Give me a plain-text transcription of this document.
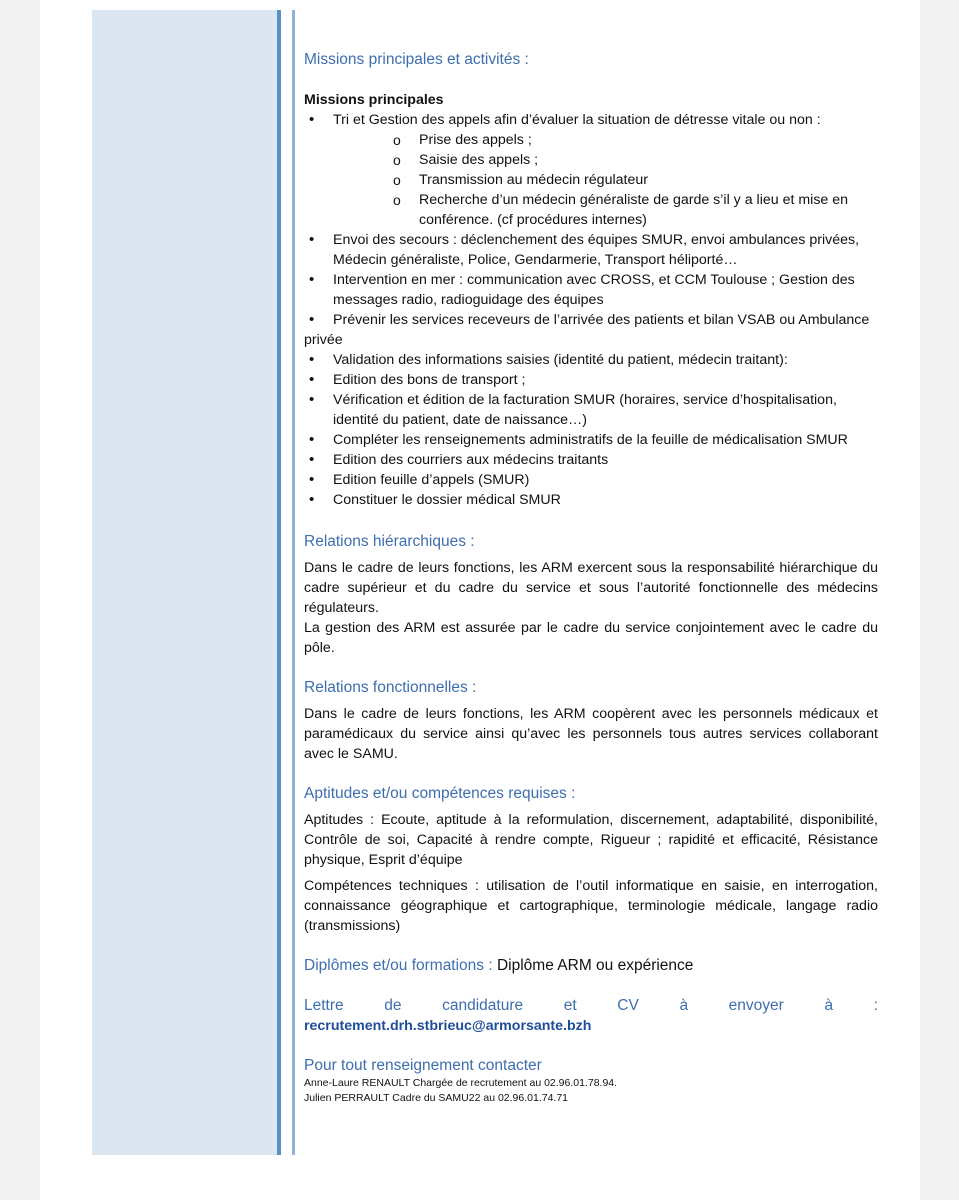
Missions principales et activités :

Missions principales
• Tri et Gestion des appels afin d’évaluer la situation de détresse vitale ou non :
o Prise des appels ;
o Saisie des appels ;
o Transmission au médecin régulateur
o Recherche d’un médecin généraliste de garde s’il y a lieu et mise en conférence. (cf procédures internes)
• Envoi des secours : déclenchement des équipes SMUR, envoi ambulances privées, Médecin généraliste, Police, Gendarmerie, Transport héliporté…
• Intervention en mer : communication avec CROSS, et CCM Toulouse ; Gestion des messages radio, radioguidage des équipes
• Prévenir les services receveurs de l’arrivée des patients et bilan VSAB ou Ambulance privée
• Validation des informations saisies (identité du patient, médecin traitant):
• Edition des bons de transport ;
• Vérification et édition de la facturation SMUR (horaires, service d’hospitalisation, identité du patient, date de naissance…)
• Compléter les renseignements administratifs de la feuille de médicalisation SMUR
• Edition des courriers aux médecins traitants
• Edition feuille d’appels (SMUR)
• Constituer le dossier médical SMUR

Relations hiérarchiques :

Dans le cadre de leurs fonctions, les ARM exercent sous la responsabilité hiérarchique du cadre supérieur et du cadre du service et sous l’autorité fonctionnelle des médecins régulateurs.
La gestion des ARM est assurée par le cadre du service conjointement avec le cadre du pôle.

Relations fonctionnelles :

Dans le cadre de leurs fonctions, les ARM coopèrent avec les personnels médicaux et paramédicaux du service ainsi qu’avec les personnels tous autres services collaborant avec le SAMU.

Aptitudes et/ou compétences requises :

Aptitudes : Ecoute, aptitude à la reformulation, discernement, adaptabilité, disponibilité, Contrôle de soi, Capacité à rendre compte, Rigueur ; rapidité et efficacité, Résistance physique, Esprit d’équipe
Compétences techniques : utilisation de l’outil informatique en saisie, en interrogation, connaissance géographique et cartographique, terminologie médicale, langage radio (transmissions)
Diplômes et/ou formations : Diplôme ARM ou expérience
Lettre	de	candidature	et	CV	à	envoyer	à	:
recrutement.drh.stbrieuc@armorsante.bzh

Pour tout renseignement contacter

Anne-Laure RENAULT Chargée de recrutement au 02.96.01.78.94.
Julien PERRAULT Cadre du SAMU22 au 02.96.01.74.71
